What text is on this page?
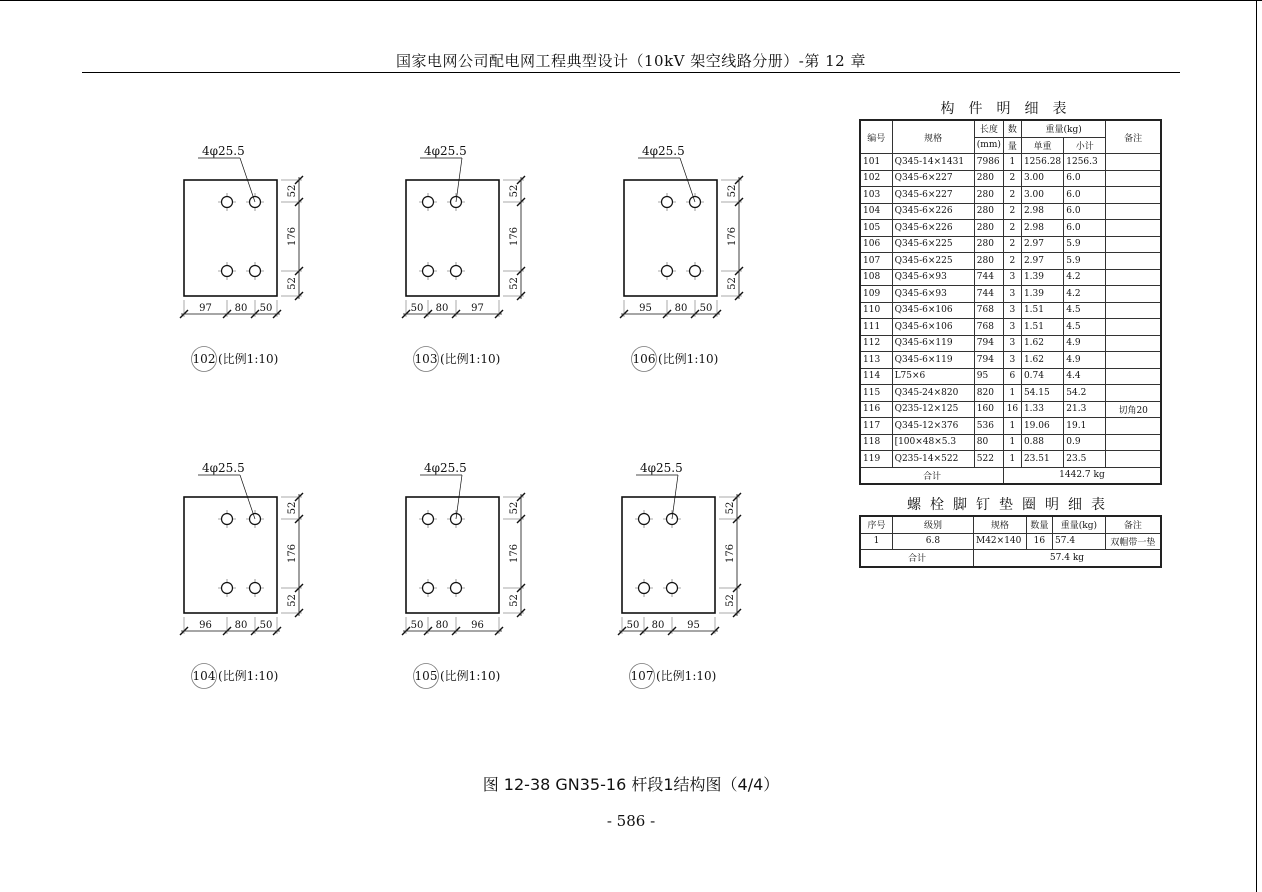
国家电网公司配电网工程典型设计（10kV 架空线路分册）-第 12 章
4φ25.5
52
176
52
97 80 50
102 (比例1:10)
4φ25.5
52
176
52
50 80 97
103 (比例1:10)
4φ25.5
52
176
52
95 80 50
106 (比例1:10)
4φ25.5
52
176
52
96 80 50
104 (比例1:10)
4φ25.5
52
176
52
50 80 96
105 (比例1:10)
4φ25.5
52
176
52
50 80 95
107 (比例1:10)
构件明细表
编号	规格	长度	数	重量(kg)		备注
		(mm)	量	单重	小计	
101	Q345-14×1431	7986	1	1256.28	1256.3	
102	Q345-6×227	280	2	3.00	6.0	
103	Q345-6×227	280	2	3.00	6.0	
104	Q345-6×226	280	2	2.98	6.0	
105	Q345-6×226	280	2	2.98	6.0	
106	Q345-6×225	280	2	2.97	5.9	
107	Q345-6×225	280	2	2.97	5.9	
108	Q345-6×93	744	3	1.39	4.2	
109	Q345-6×93	744	3	1.39	4.2	
110	Q345-6×106	768	3	1.51	4.5	
111	Q345-6×106	768	3	1.51	4.5	
112	Q345-6×119	794	3	1.62	4.9	
113	Q345-6×119	794	3	1.62	4.9	
114	L75×6	95	6	0.74	4.4	
115	Q345-24×820	820	1	54.15	54.2	
116	Q235-12×125	160	16	1.33	21.3	切角20
117	Q345-12×376	536	1	19.06	19.1	
118	[100×48×5.3	80	1	0.88	0.9	
119	Q235-14×522	522	1	23.51	23.5	
合计			1442.7 kg			
螺栓脚钉垫圈明细表
序号	级别	规格	数量	重量(kg)	备注
1	6.8	M42×140	16	57.4	双帽带一垫
合计		57.4 kg			
图 12-38 GN35-16 杆段1结构图（4/4）
- 586 -
